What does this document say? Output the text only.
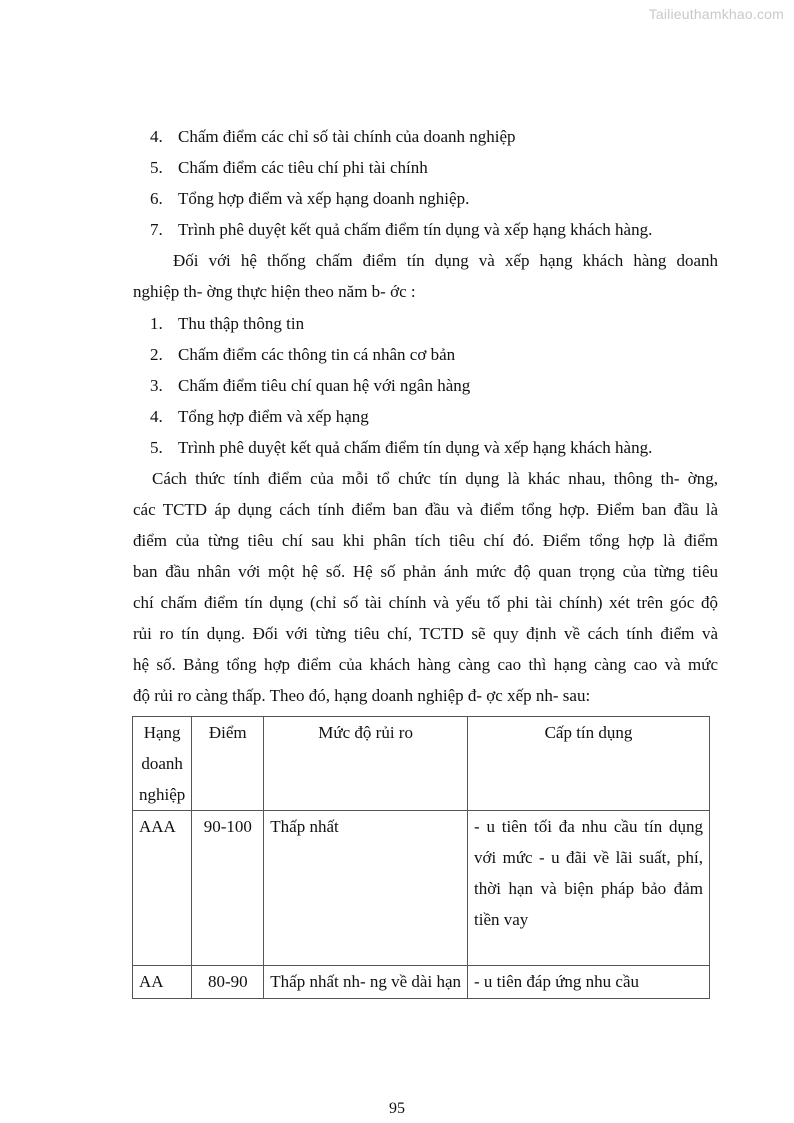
Tailieuthamkhao.com
4. Chấm điểm các chỉ số tài chính của doanh nghiệp
5. Chấm điểm các tiêu chí phi tài chính
6. Tổng hợp điểm và xếp hạng doanh nghiệp.
7. Trình phê duyệt kết quả chấm điểm tín dụng và xếp hạng khách hàng.
Đối với hệ thống chấm điểm tín dụng và xếp hạng khách hàng doanh
nghiệp th- ờng thực hiện theo năm b- ớc :
1. Thu thập thông tin
2. Chấm điểm các thông tin cá nhân cơ bản
3. Chấm điểm tiêu chí quan hệ với ngân hàng
4. Tổng hợp điểm và xếp hạng
5. Trình phê duyệt kết quả chấm điểm tín dụng và xếp hạng khách hàng.
Cách thức tính điểm của mỗi tổ chức tín dụng là khác nhau, thông th- ờng,
các TCTD áp dụng cách tính điểm ban đầu và điểm tổng hợp. Điểm ban đầu là
điểm của từng tiêu chí sau khi phân tích tiêu chí đó. Điểm tổng hợp là điểm
ban đầu nhân với một hệ số. Hệ số phản ánh mức độ quan trọng của từng tiêu
chí chấm điểm tín dụng (chỉ số tài chính và yếu tố phi tài chính) xét trên góc độ
rủi ro tín dụng. Đối với từng tiêu chí, TCTD sẽ quy định về cách tính điểm và
hệ số. Bảng tổng hợp điểm của khách hàng càng cao thì hạng càng cao và mức
độ rủi ro càng thấp. Theo đó, hạng doanh nghiệp đ- ợc xếp nh- sau:
Hạng
doanh
nghiệp	Điểm	Mức độ rủi ro	Cấp tín dụng
AAA	90-100	Thấp nhất	- u tiên tối đa nhu cầu tín dụng với mức - u đãi về lãi suất, phí, thời hạn và biện pháp bảo đảm tiền vay
AA	80-90	Thấp nhất nh- ng về dài hạn	- u tiên đáp ứng nhu cầu
95
